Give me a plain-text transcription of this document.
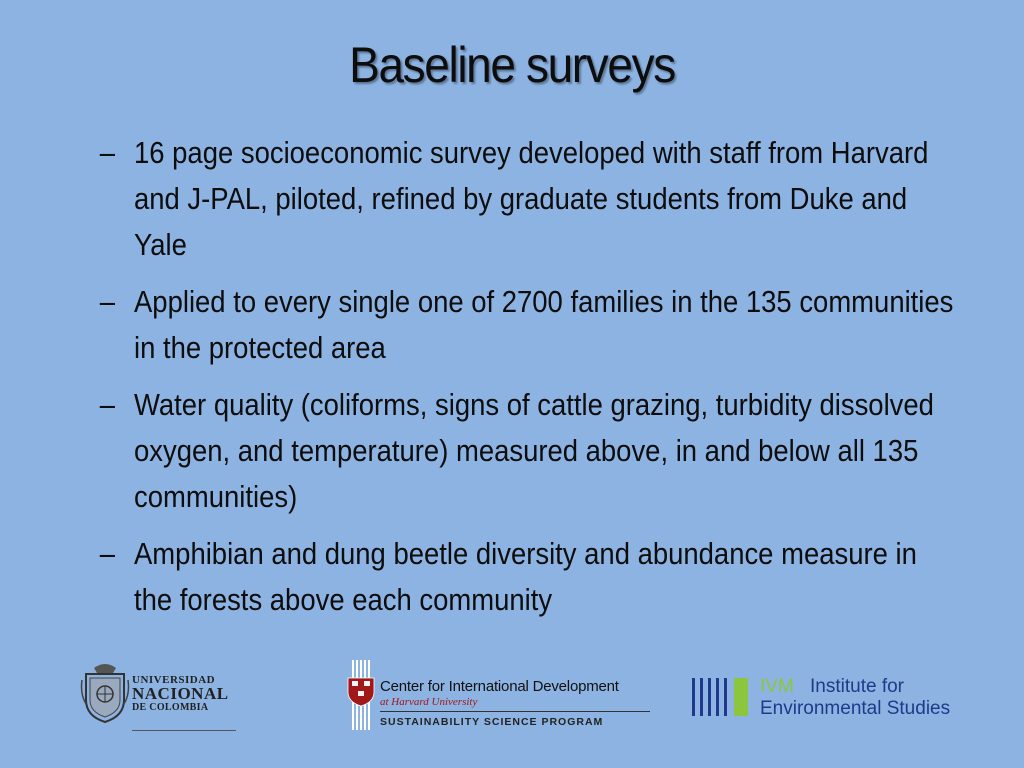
Baseline surveys
– 16 page socioeconomic survey developed with staff from Harvard and J-PAL, piloted, refined by graduate students from Duke and Yale
– Applied to every single one of 2700 families in the 135 communities in the protected area
– Water quality (coliforms, signs of cattle grazing, turbidity dissolved oxygen, and temperature) measured above, in and below all 135 communities)
– Amphibian and dung beetle diversity and abundance measure in the forests above each community
UNIVERSIDAD
NACIONAL
DE COLOMBIA
Center for International Development
at Harvard University
SUSTAINABILITY SCIENCE PROGRAM
IVM Institute for
Environmental Studies
